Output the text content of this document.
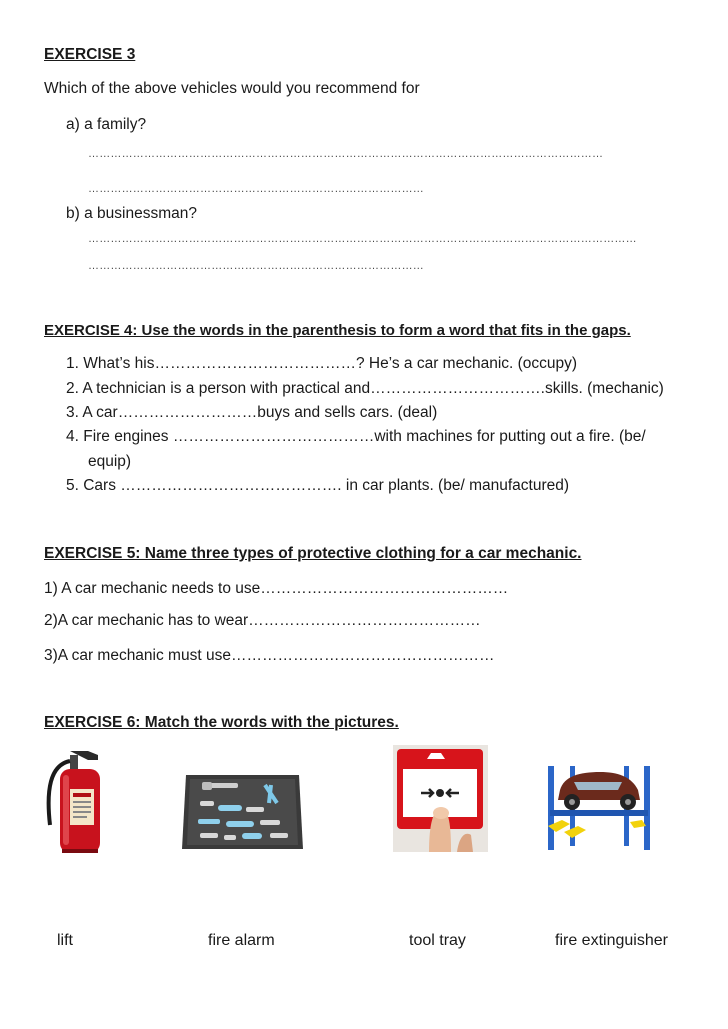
EXERCISE 3
Which of the above vehicles would you recommend for
a) a family?
…………………………………………………………………………………………………………………………
………………………………………………………………………………
b) a businessman?
…………………………………………………………………………………………………………………………………
………………………………………………………………………………
EXERCISE 4: Use the words in the parenthesis to form a word that fits in the gaps.
1. What’s his…………………………………? He’s a car mechanic. (occupy)
2. A technician is a person with practical and…………………………….skills. (mechanic)
3. A car………………………buys and sells cars. (deal)
4. Fire engines …………………………………with machines for putting out a fire. (be/
equip)
5. Cars ……………………………………. in car plants. (be/ manufactured)
EXERCISE 5: Name three types of protective clothing for a car mechanic.
1) A car mechanic needs to use…………………………………………
2)A car mechanic has to wear………………………………………
3)A car mechanic must use……………………………………………
EXERCISE 6: Match the words with the pictures.
lift	fire alarm	tool tray	fire extinguisher
